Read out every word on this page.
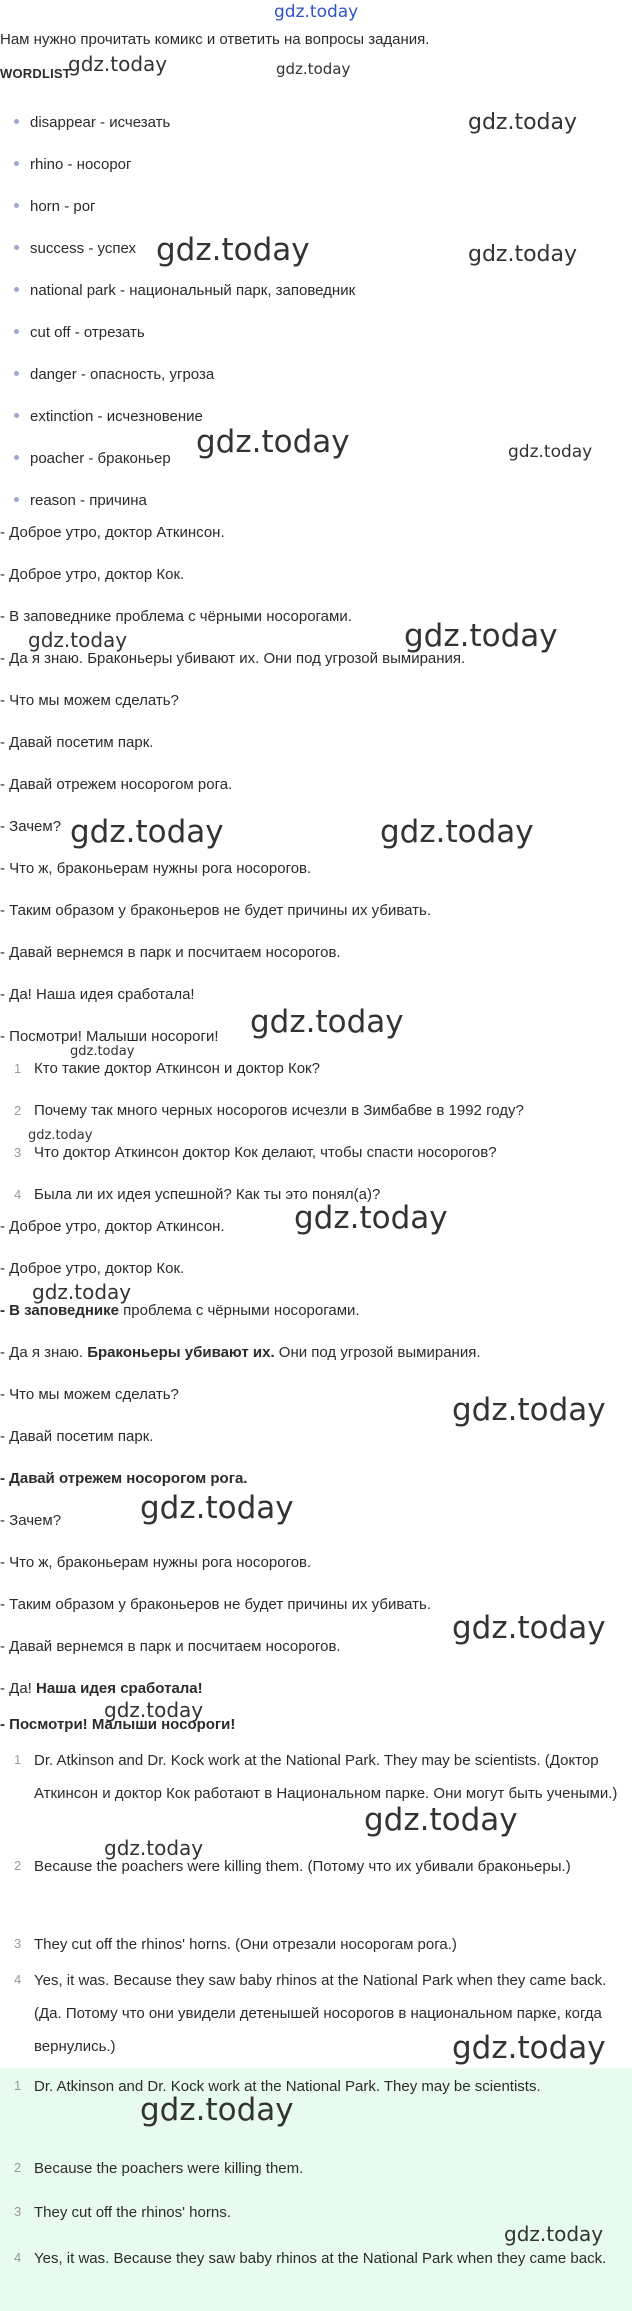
gdz.today
Нам нужно прочитать комикс и ответить на вопросы задания.
WORDLIST
disappear - исчезать
rhino - носорог
horn - рог
success - успех
national park - национальный парк, заповедник
cut off - отрезать
danger - опасность, угроза
extinction - исчезновение
poacher - браконьер
reason - причина
- Доброе утро, доктор Аткинсон.
- Доброе утро, доктор Кок.
- В заповеднике проблема с чёрными носорогами.
- Да я знаю. Браконьеры убивают их. Они под угрозой вымирания.
- Что мы можем сделать?
- Давай посетим парк.
- Давай отрежем носорогом рога.
- Зачем?
- Что ж, браконьерам нужны рога носорогов.
- Таким образом у браконьеров не будет причины их убивать.
- Давай вернемся в парк и посчитаем носорогов.
- Да! Наша идея сработала!
- Посмотри! Малыши носороги!
1 Кто такие доктор Аткинсон и доктор Кок?
2 Почему так много черных носорогов исчезли в Зимбабве в 1992 году?
3 Что доктор Аткинсон доктор Кок делают, чтобы спасти носорогов?
4 Была ли их идея успешной? Как ты это понял(а)?
- Доброе утро, доктор Аткинсон.
- Доброе утро, доктор Кок.
- В заповеднике проблема с чёрными носорогами.
- Да я знаю. Браконьеры убивают их. Они под угрозой вымирания.
- Что мы можем сделать?
- Давай посетим парк.
- Давай отрежем носорогом рога.
- Зачем?
- Что ж, браконьерам нужны рога носорогов.
- Таким образом у браконьеров не будет причины их убивать.
- Давай вернемся в парк и посчитаем носорогов.
- Да! Наша идея сработала!
- Посмотри! Малыши носороги!
1 Dr. Atkinson and Dr. Kock work at the National Park. They may be scientists. (Доктор Аткинсон и доктор Кок работают в Национальном парке. Они могут быть учеными.)
2 Because the poachers were killing them. (Потому что их убивали браконьеры.)
3 They cut off the rhinos' horns. (Они отрезали носорогам рога.)
4 Yes, it was. Because they saw baby rhinos at the National Park when they came back. (Да. Потому что они увидели детенышей носорогов в национальном парке, когда вернулись.)
1 Dr. Atkinson and Dr. Kock work at the National Park. They may be scientists.
2 Because the poachers were killing them.
3 They cut off the rhinos' horns.
4 Yes, it was. Because they saw baby rhinos at the National Park when they came back.
gdz.today	gdz.today
gdz.today
gdz.today	gdz.today
gdz.today	gdz.today
gdz.today	gdz.today
gdz.today	gdz.today
gdz.today
gdz.today
gdz.today
gdz.today
gdz.today
gdz.today
gdz.today
gdz.today
gdz.today
gdz.today
gdz.today
gdz.today
gdz.today
gdz.today
